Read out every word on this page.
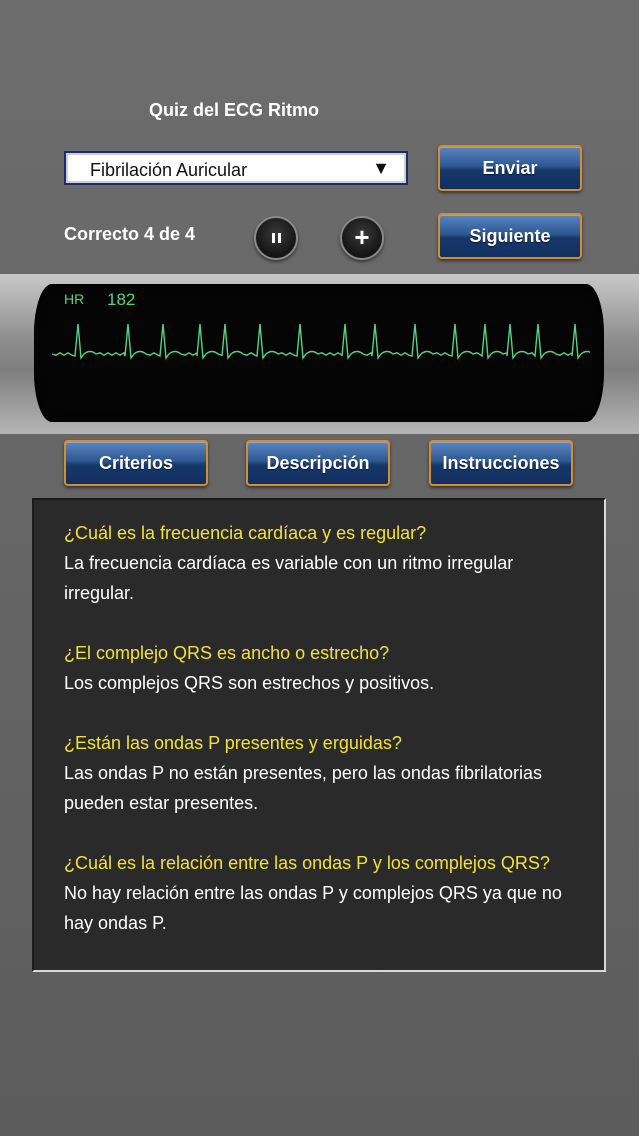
Quiz del ECG Ritmo
Fibrilación Auricular	▼	Enviar
Correcto 4 de 4	+	Siguiente
HR 182
Criterios	Descripción	Instrucciones
¿Cuál es la frecuencia cardíaca y es regular?
La frecuencia cardíaca es variable con un ritmo irregular irregular.
¿El complejo QRS es ancho o estrecho?
Los complejos QRS son estrechos y positivos.
¿Están las ondas P presentes y erguidas?
Las ondas P no están presentes, pero las ondas fibrilatorias pueden estar presentes.
¿Cuál es la relación entre las ondas P y los complejos QRS?
No hay relación entre las ondas P y complejos QRS ya que no hay ondas P.
